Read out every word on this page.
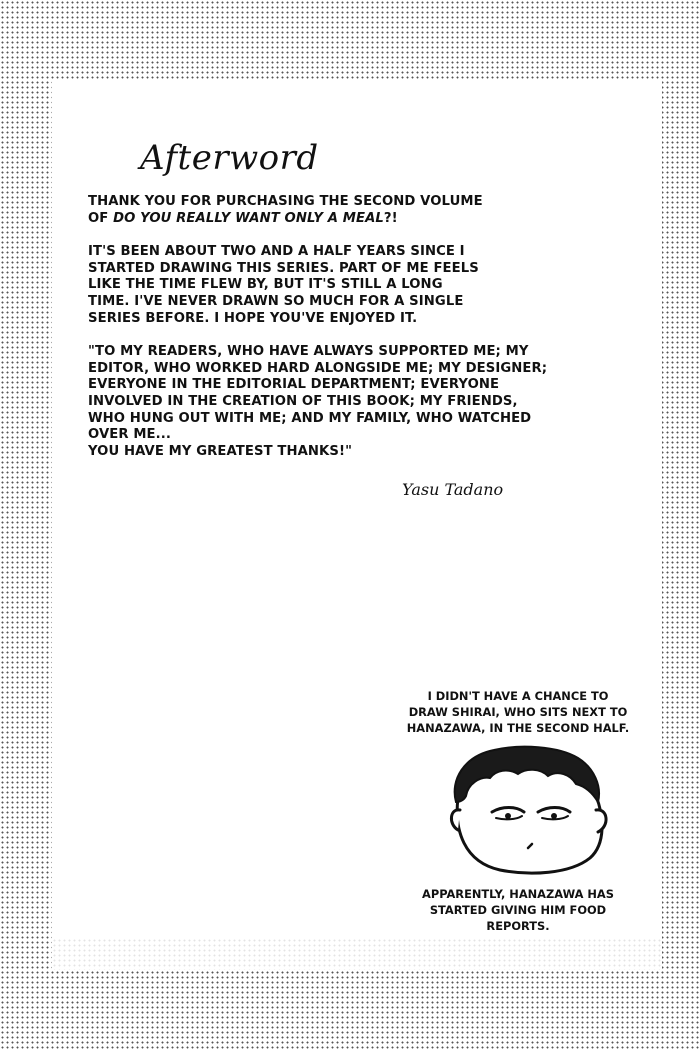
Afterword

THANK YOU FOR PURCHASING THE SECOND VOLUME
OF DO YOU REALLY WANT ONLY A MEAL?!

IT'S BEEN ABOUT TWO AND A HALF YEARS SINCE I
STARTED DRAWING THIS SERIES. PART OF ME FEELS
LIKE THE TIME FLEW BY, BUT IT'S STILL A LONG
TIME. I'VE NEVER DRAWN SO MUCH FOR A SINGLE
SERIES BEFORE. I HOPE YOU'VE ENJOYED IT.

"TO MY READERS, WHO HAVE ALWAYS SUPPORTED ME; MY
EDITOR, WHO WORKED HARD ALONGSIDE ME; MY DESIGNER;
EVERYONE IN THE EDITORIAL DEPARTMENT; EVERYONE
INVOLVED IN THE CREATION OF THIS BOOK; MY FRIENDS,
WHO HUNG OUT WITH ME; AND MY FAMILY, WHO WATCHED
OVER ME...
YOU HAVE MY GREATEST THANKS!"

Yasu Tadano
I DIDN'T HAVE A CHANCE TO
DRAW SHIRAI, WHO SITS NEXT TO
HANAZAWA, IN THE SECOND HALF.
APPARENTLY, HANAZAWA HAS
STARTED GIVING HIM FOOD REPORTS.
